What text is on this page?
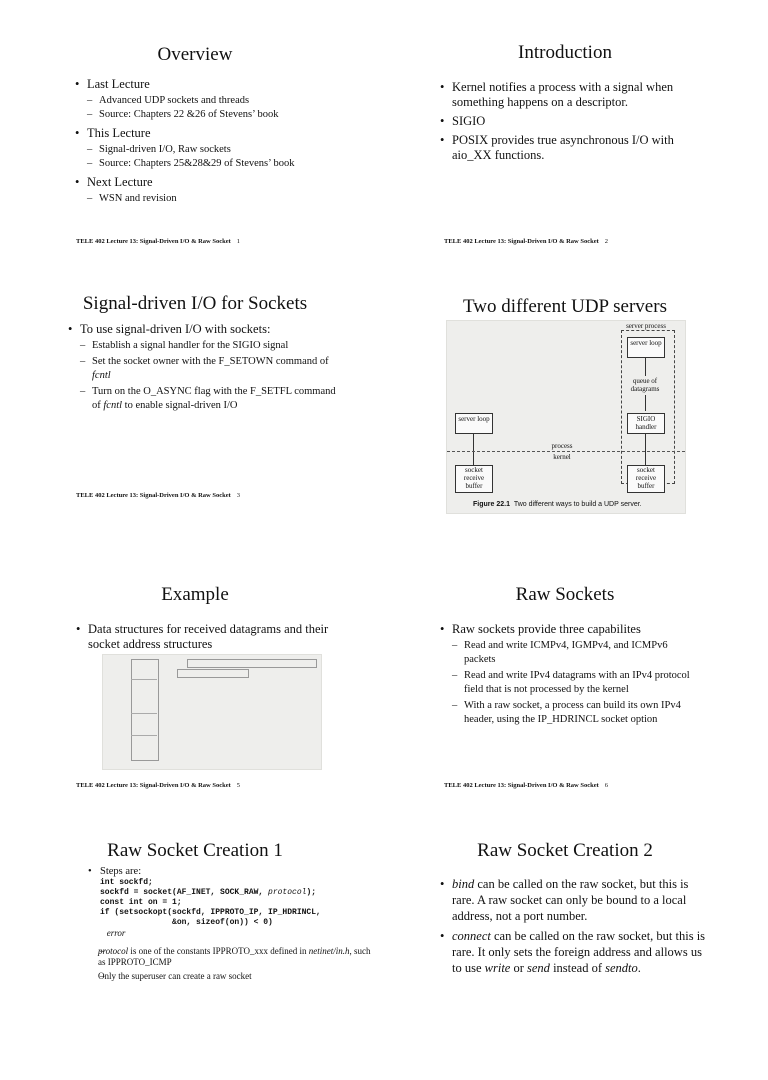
Overview
• Last Lecture
– Advanced UDP sockets and threads
– Source: Chapters 22 &26 of Stevens’ book
• This Lecture
– Signal-driven I/O, Raw sockets
– Source: Chapters 25&28&29 of Stevens’ book
• Next Lecture
– WSN and revision
TELE 402 Lecture 13: Signal-Driven I/O & Raw Socket 1
Introduction
• Kernel notifies a process with a signal when something happens on a descriptor.
• SIGIO
• POSIX provides true asynchronous I/O with aio_XX functions.
TELE 402 Lecture 13: Signal-Driven I/O & Raw Socket 2
Signal-driven I/O for Sockets
• To use signal-driven I/O with sockets:
– Establish a signal handler for the SIGIO signal
– Set the socket owner with the F_SETOWN command of fcntl
– Turn on the O_ASYNC flag with the F_SETFL command of fcntl to enable signal-driven I/O
TELE 402 Lecture 13: Signal-Driven I/O & Raw Socket 3
Two different UDP servers
server process
server loop
queue of datagrams
SIGIO handler
server loop
process
kernel
socket receive buffer
socket receive buffer
Figure 22.1 Two different ways to build a UDP server.
Example
• Data structures for received datagrams and their socket address structures
TELE 402 Lecture 13: Signal-Driven I/O & Raw Socket 5
Raw Sockets
• Raw sockets provide three capabilites
– Read and write ICMPv4, IGMPv4, and ICMPv6 packets
– Read and write IPv4 datagrams with an IPv4 protocol field that is not processed by the kernel
– With a raw socket, a process can build its own IPv4 header, using the IP_HDRINCL socket option
TELE 402 Lecture 13: Signal-Driven I/O & Raw Socket 6
Raw Socket Creation 1
• Steps are:
int sockfd;
sockfd = socket(AF_INET, SOCK_RAW, protocol);
const int on = 1;
if (setsockopt(sockfd, IPPROTO_IP, IP_HDRINCL,
&on, sizeof(on)) < 0)
error
– protocol is one of the constants IPPROTO_xxx defined in netinet/in.h, such as IPPROTO_ICMP
– Only the superuser can create a raw socket
Raw Socket Creation 2
• bind can be called on the raw socket, but this is rare. A raw socket can only be bound to a local address, not a port number.
• connect can be called on the raw socket, but this is rare. It only sets the foreign address and allows us to use write or send instead of sendto.
